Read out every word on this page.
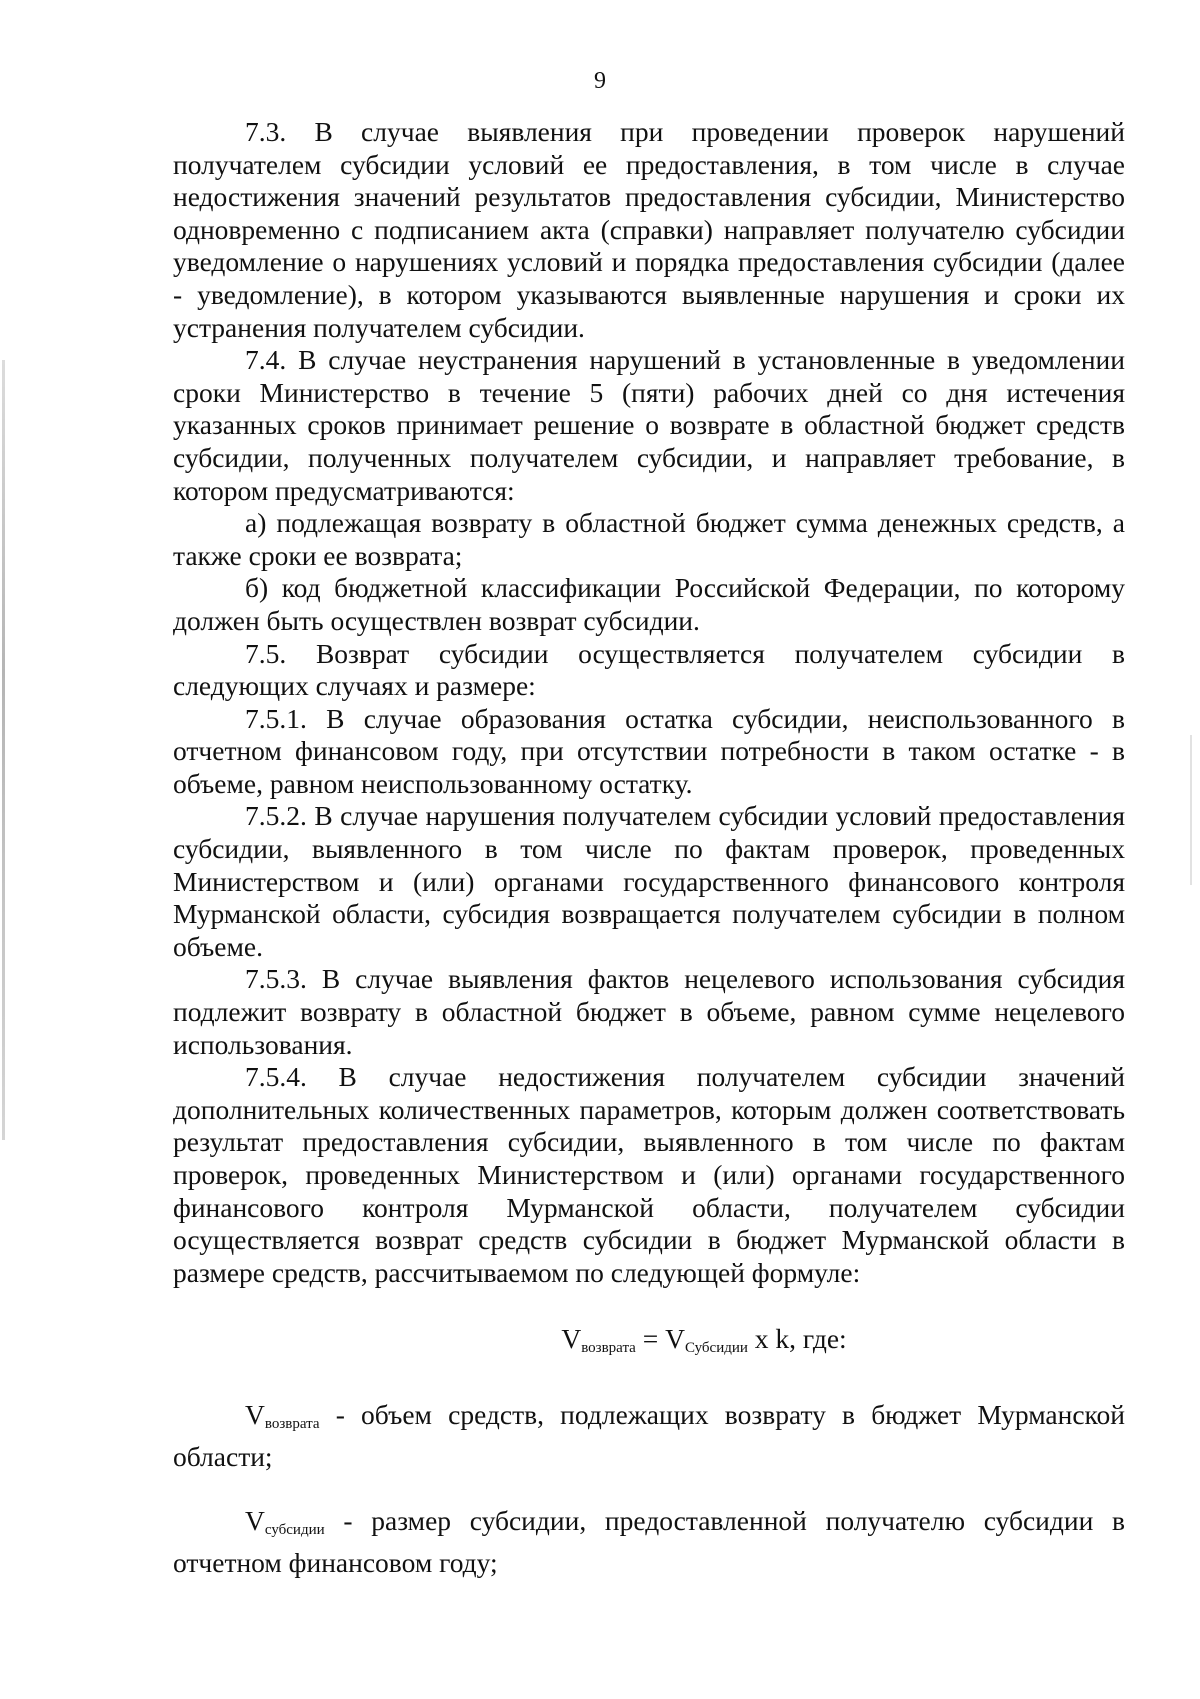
9

7.3. В случае выявления при проведении проверок нарушений получателем субсидии условий ее предоставления, в том числе в случае недостижения значений результатов предоставления субсидии, Министерство одновременно с подписанием акта (справки) направляет получателю субсидии уведомление о нарушениях условий и порядка предоставления субсидии (далее - уведомление), в котором указываются выявленные нарушения и сроки их устранения получателем субсидии.

7.4. В случае неустранения нарушений в установленные в уведомлении сроки Министерство в течение 5 (пяти) рабочих дней со дня истечения указанных сроков принимает решение о возврате в областной бюджет средств субсидии, полученных получателем субсидии, и направляет требование, в котором предусматриваются:

а) подлежащая возврату в областной бюджет сумма денежных средств, а также сроки ее возврата;

б) код бюджетной классификации Российской Федерации, по которому должен быть осуществлен возврат субсидии.

7.5. Возврат субсидии осуществляется получателем субсидии в следующих случаях и размере:

7.5.1. В случае образования остатка субсидии, неиспользованного в отчетном финансовом году, при отсутствии потребности в таком остатке - в объеме, равном неиспользованному остатку.

7.5.2. В случае нарушения получателем субсидии условий предоставления субсидии, выявленного в том числе по фактам проверок, проведенных Министерством и (или) органами государственного финансового контроля Мурманской области, субсидия возвращается получателем субсидии в полном объеме.

7.5.3. В случае выявления фактов нецелевого использования субсидия подлежит возврату в областной бюджет в объеме, равном сумме нецелевого использования.

7.5.4. В случае недостижения получателем субсидии значений дополнительных количественных параметров, которым должен соответствовать результат предоставления субсидии, выявленного в том числе по фактам проверок, проведенных Министерством и (или) органами государственного финансового контроля Мурманской области, получателем субсидии осуществляется возврат средств субсидии в бюджет Мурманской области в размере средств, рассчитываемом по следующей формуле:

$V_{возврата} = V_{Субсидии}$ x k, где:

$V_{возврата}$ - объем средств, подлежащих возврату в бюджет Мурманской области;

$V_{субсидии}$ - размер субсидии, предоставленной получателю субсидии в отчетном финансовом году;
